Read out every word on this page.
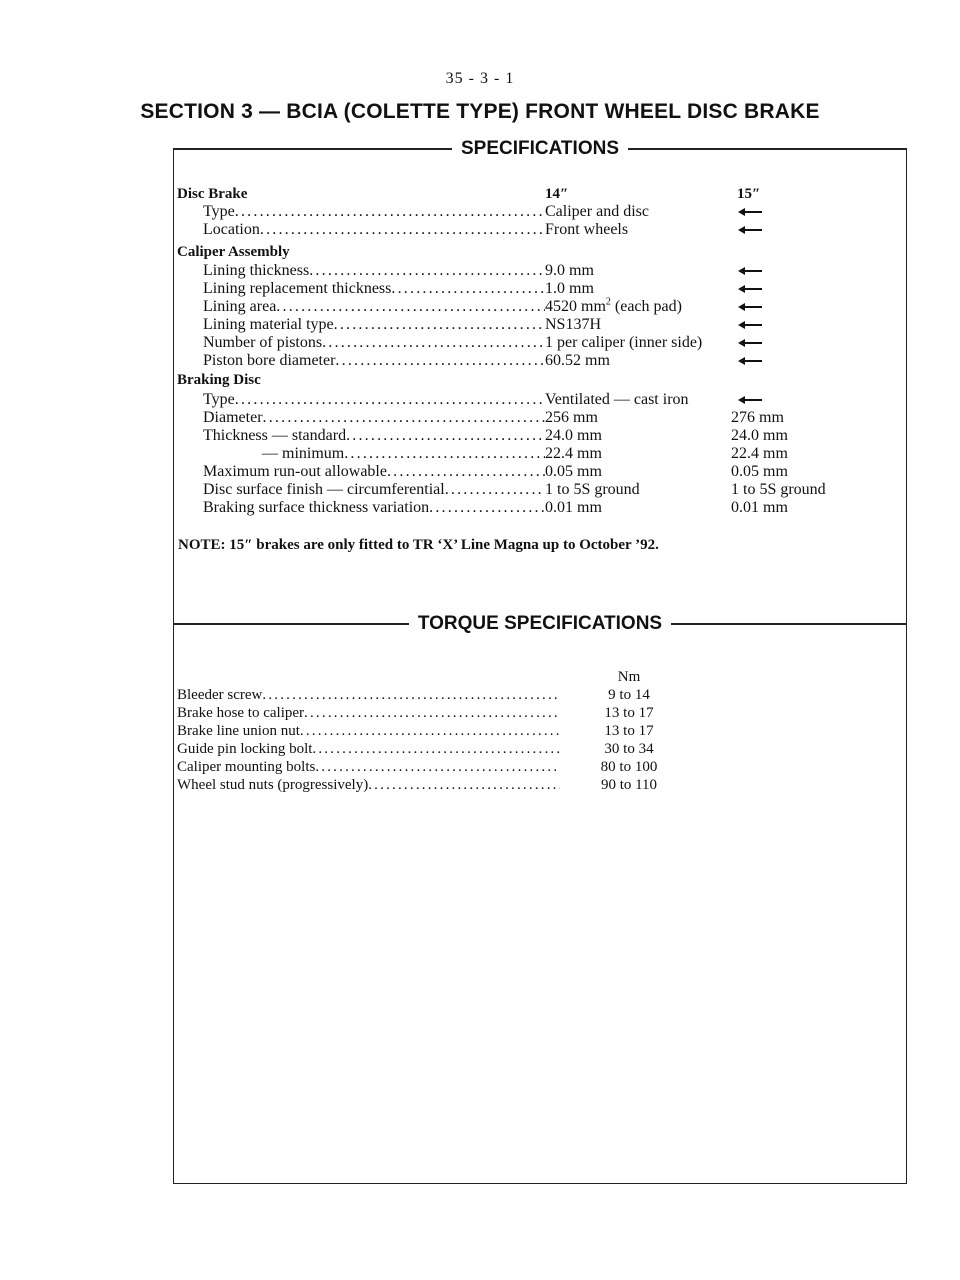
35 - 3 - 1
SECTION 3 — BCIA (COLETTE TYPE) FRONT WHEEL DISC BRAKE
SPECIFICATIONS
Disc Brake	14″	15″
Type .....	Caliper and disc
Location .....	Front wheels
Caliper Assembly
Lining thickness .....	9.0 mm
Lining replacement thickness .....	1.0 mm
Lining area .....	4520 $mm^2$ (each pad)
Lining material type .....	NS137H
Number of pistons .....	1 per caliper (inner side)
Piston bore diameter .....	60.52 mm
Braking Disc
Type .....	Ventilated — cast iron
Diameter .....	256 mm	276 mm
Thickness — standard .....	24.0 mm	24.0 mm
— minimum .....	22.4 mm	22.4 mm
Maximum run-out allowable .....	0.05 mm	0.05 mm
Disc surface finish — circumferential .....	1 to 5S ground	1 to 5S ground
Braking surface thickness variation .....	0.01 mm	0.01 mm
NOTE: 15″ brakes are only fitted to TR ‘X’ Line Magna up to October ’92.
TORQUE SPECIFICATIONS
Nm
Bleeder screw .....	9 to 14
Brake hose to caliper .....	13 to 17
Brake line union nut .....	13 to 17
Guide pin locking bolt .....	30 to 34
Caliper mounting bolts .....	80 to 100
Wheel stud nuts (progressively) .....	90 to 110
